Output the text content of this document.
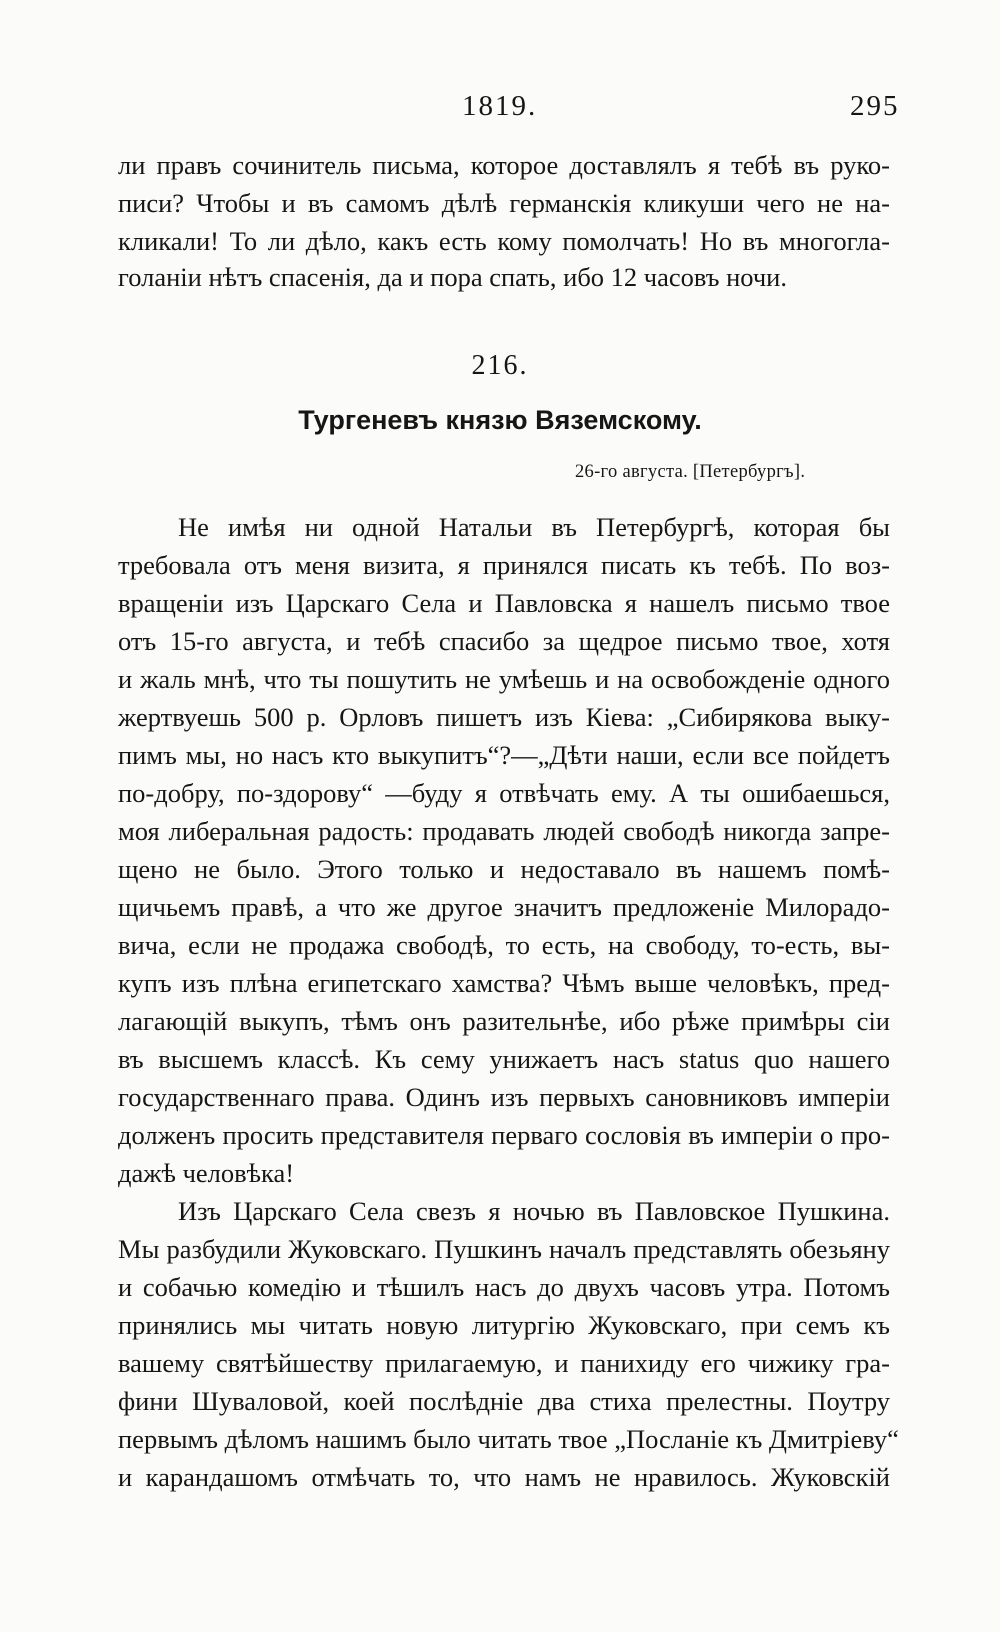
1819.	295
ли правъ сочинитель письма, которое доставлялъ я тебѣ въ руко-
писи? Чтобы и въ самомъ дѣлѣ германскія кликуши чего не на-
кликали! То ли дѣло, какъ есть кому помолчать! Но въ многогла-
голаніи нѣтъ спасенія, да и пора спать, ибо 12 часовъ ночи.
216.
Тургеневъ князю Вяземскому.
26-го августа. [Петербургъ].
Не имѣя ни одной Натальи въ Петербургѣ, которая бы
требовала отъ меня визита, я принялся писать къ тебѣ. По воз-
вращеніи изъ Царскаго Села и Павловска я нашелъ письмо твое
отъ 15-го августа, и тебѣ спасибо за щедрое письмо твое, хотя
и жаль мнѣ, что ты пошутить не умѣешь и на освобожденіе одного
жертвуешь 500 р. Орловъ пишетъ изъ Кіева: „Сибирякова выку-
пимъ мы, но насъ кто выкупитъ“?—„Дѣти наши, если все пойдетъ
по-добру, по-здорову“ —буду я отвѣчать ему. А ты ошибаешься,
моя либеральная радость: продавать людей свободѣ никогда запре-
щено не было. Этого только и недоставало въ нашемъ помѣ-
щичьемъ правѣ, а что же другое значитъ предложеніе Милорадо-
вича, если не продажа свободѣ, то есть, на свободу, то-есть, вы-
купъ изъ плѣна египетскаго хамства? Чѣмъ выше человѣкъ, пред-
лагающій выкупъ, тѣмъ онъ разительнѣе, ибо рѣже примѣры сіи
въ высшемъ классѣ. Къ сему унижаетъ насъ status quo нашего
государственнаго права. Одинъ изъ первыхъ сановниковъ имперіи
долженъ просить представителя перваго сословія въ имперіи о про-
дажѣ человѣка!
Изъ Царскаго Села свезъ я ночью въ Павловское Пушкина.
Мы разбудили Жуковскаго. Пушкинъ началъ представлять обезьяну
и собачью комедію и тѣшилъ насъ до двухъ часовъ утра. Потомъ
принялись мы читать новую литургію Жуковскаго, при семъ къ
вашему святѣйшеству прилагаемую, и панихиду его чижику гра-
фини Шуваловой, коей послѣдніе два стиха прелестны. Поутру
первымъ дѣломъ нашимъ было читать твое „Посланіе къ Дмитріеву“
и карандашомъ отмѣчать то, что намъ не нравилось. Жуковскій
